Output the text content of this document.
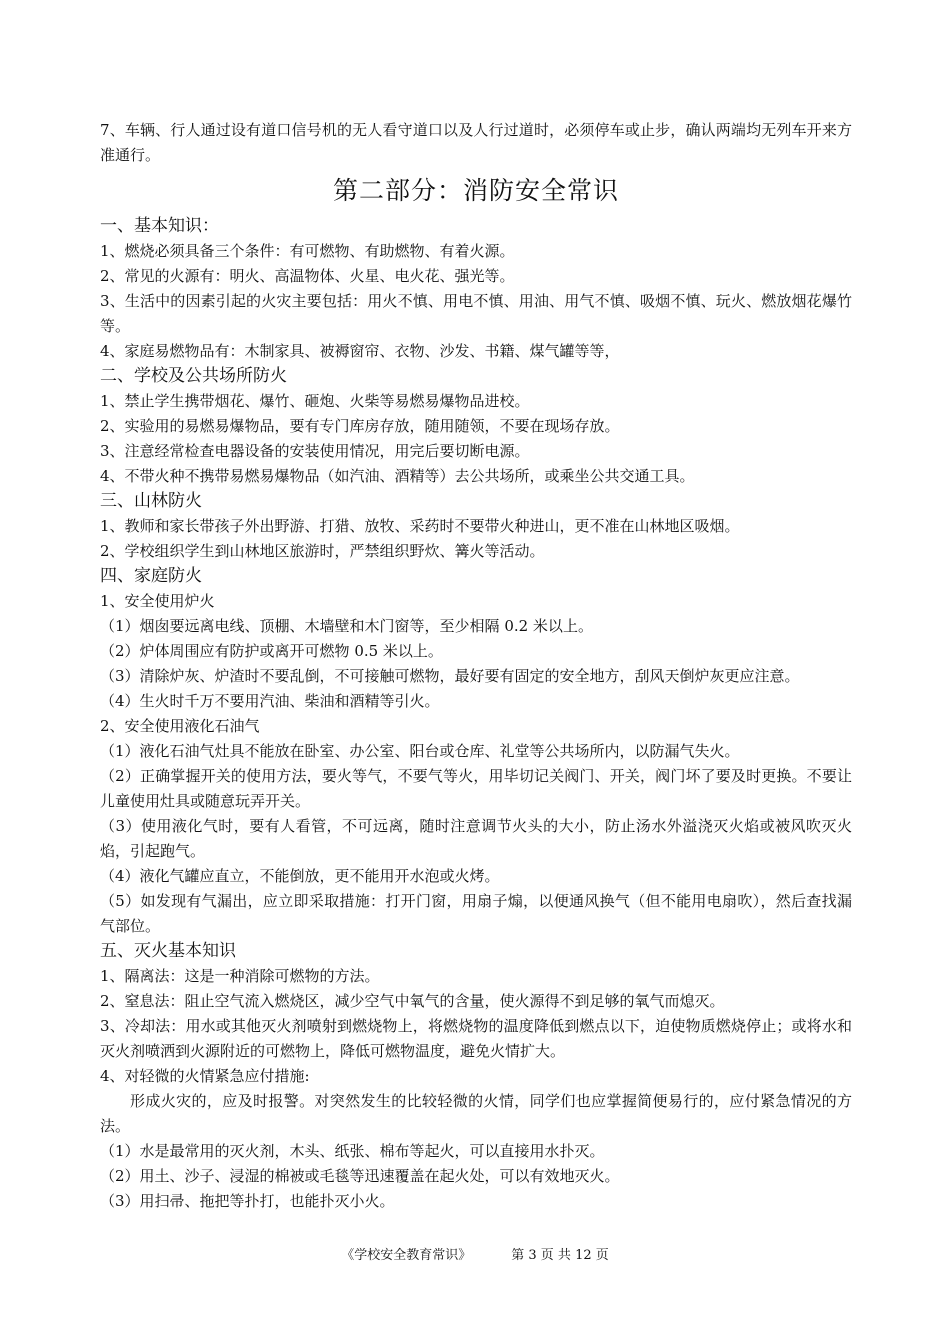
7、车辆、行人通过设有道口信号机的无人看守道口以及人行过道时，必须停车或止步，确认两端均无列车开来方准通行。
第二部分：消防安全常识
一、基本知识：
1、燃烧必须具备三个条件：有可燃物、有助燃物、有着火源。
2、常见的火源有：明火、高温物体、火星、电火花、强光等。
3、生活中的因素引起的火灾主要包括：用火不慎、用电不慎、用油、用气不慎、吸烟不慎、玩火、燃放烟花爆竹等。
4、家庭易燃物品有：木制家具、被褥窗帘、衣物、沙发、书籍、煤气罐等等，
二、学校及公共场所防火
1、禁止学生携带烟花、爆竹、砸炮、火柴等易燃易爆物品进校。
2、实验用的易燃易爆物品，要有专门库房存放，随用随领，不要在现场存放。
3、注意经常检查电器设备的安装使用情况，用完后要切断电源。
4、不带火种不携带易燃易爆物品（如汽油、酒精等）去公共场所，或乘坐公共交通工具。
三、山林防火
1、教师和家长带孩子外出野游、打猎、放牧、采药时不要带火种进山，更不准在山林地区吸烟。
2、学校组织学生到山林地区旅游时，严禁组织野炊、篝火等活动。
四、家庭防火
1、安全使用炉火
（1）烟囱要远离电线、顶棚、木墙壁和木门窗等，至少相隔 0.2 米以上。
（2）炉体周围应有防护或离开可燃物 0.5 米以上。
（3）清除炉灰、炉渣时不要乱倒，不可接触可燃物，最好要有固定的安全地方，刮风天倒炉灰更应注意。
（4）生火时千万不要用汽油、柴油和酒精等引火。
2、安全使用液化石油气
（1）液化石油气灶具不能放在卧室、办公室、阳台或仓库、礼堂等公共场所内，以防漏气失火。
（2）正确掌握开关的使用方法，要火等气，不要气等火，用毕切记关阀门、开关，阀门坏了要及时更换。不要让儿童使用灶具或随意玩弄开关。
（3）使用液化气时，要有人看管，不可远离，随时注意调节火头的大小，防止汤水外溢浇灭火焰或被风吹灭火焰，引起跑气。
（4）液化气罐应直立，不能倒放，更不能用开水泡或火烤。
（5）如发现有气漏出，应立即采取措施：打开门窗，用扇子煽，以便通风换气（但不能用电扇吹），然后查找漏气部位。
五、灭火基本知识
1、隔离法：这是一种消除可燃物的方法。
2、窒息法：阻止空气流入燃烧区，减少空气中氧气的含量，使火源得不到足够的氧气而熄灭。
3、冷却法：用水或其他灭火剂喷射到燃烧物上，将燃烧物的温度降低到燃点以下，迫使物质燃烧停止；或将水和灭火剂喷洒到火源附近的可燃物上，降低可燃物温度，避免火情扩大。
4、对轻微的火情紧急应付措施:
形成火灾的，应及时报警。对突然发生的比较轻微的火情，同学们也应掌握简便易行的，应付紧急情况的方法。
（1）水是最常用的灭火剂，木头、纸张、棉布等起火，可以直接用水扑灭。
（2）用土、沙子、浸湿的棉被或毛毯等迅速覆盖在起火处，可以有效地灭火。
（3）用扫帚、拖把等扑打，也能扑灭小火。
《学校安全教育常识》	第 3 页 共 12 页
